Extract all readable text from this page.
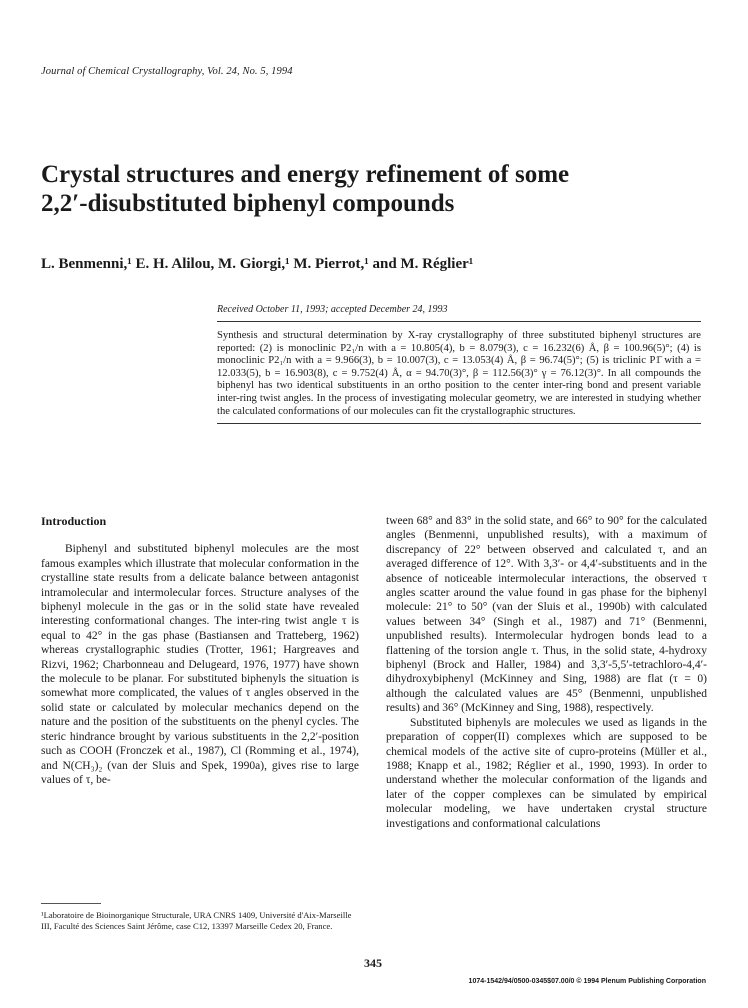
Journal of Chemical Crystallography, Vol. 24, No. 5, 1994
Crystal structures and energy refinement of some
2,2′-disubstituted biphenyl compounds
L. Benmenni,¹ E. H. Alilou, M. Giorgi,¹ M. Pierrot,¹ and M. Réglier¹
Received October 11, 1993; accepted December 24, 1993
Synthesis and structural determination by X-ray crystallography of three substituted biphenyl structures are reported: (2) is monoclinic P2₁/n with a = 10.805(4), b = 8.079(3), c = 16.232(6) Å, β = 100.96(5)°; (4) is monoclinic P2₁/n with a = 9.966(3), b = 10.007(3), c = 13.053(4) Å, β = 96.74(5)°; (5) is triclinic P1̄ with a = 12.033(5), b = 16.903(8), c = 9.752(4) Å, α = 94.70(3)°, β = 112.56(3)° γ = 76.12(3)°. In all compounds the biphenyl has two identical substituents in an ortho position to the center inter-ring bond and present variable inter-ring twist angles. In the process of investigating molecular geometry, we are interested in studying whether the calculated conformations of our molecules can fit the crystallographic structures.
Introduction

Biphenyl and substituted biphenyl molecules are the most famous examples which illustrate that molecular conformation in the crystalline state results from a delicate balance between antagonist intramolecular and intermolecular forces. Structure analyses of the biphenyl molecule in the gas or in the solid state have revealed interesting conformational changes. The inter-ring twist angle τ is equal to 42° in the gas phase (Bastiansen and Tratteberg, 1962) whereas crystallographic studies (Trotter, 1961; Hargreaves and Rizvi, 1962; Charbonneau and Delugeard, 1976, 1977) have shown the molecule to be planar. For substituted biphenyls the situation is somewhat more complicated, the values of τ angles observed in the solid state or calculated by molecular mechanics depend on the nature and the position of the substituents on the phenyl cycles. The steric hindrance brought by various substituents in the 2,2′-position such as COOH (Fronczek et al., 1987), Cl (Romming et al., 1974), and N(CH₃)₂ (van der Sluis and Spek, 1990a), gives rise to large values of τ, be-

tween 68° and 83° in the solid state, and 66° to 90° for the calculated angles (Benmenni, unpublished results), with a maximum of discrepancy of 22° between observed and calculated τ, and an averaged difference of 12°. With 3,3′- or 4,4′-substituents and in the absence of noticeable intermolecular interactions, the observed τ angles scatter around the value found in gas phase for the biphenyl molecule: 21° to 50° (van der Sluis et al., 1990b) with calculated values between 34° (Singh et al., 1987) and 71° (Benmenni, unpublished results). Intermolecular hydrogen bonds lead to a flattening of the torsion angle τ. Thus, in the solid state, 4-hydroxy biphenyl (Brock and Haller, 1984) and 3,3′-5,5′-tetrachloro-4,4′-dihydroxybiphenyl (McKinney and Sing, 1988) are flat (τ = 0) although the calculated values are 45° (Benmenni, unpublished results) and 36° (McKinney and Sing, 1988), respectively.

Substituted biphenyls are molecules we used as ligands in the preparation of copper(II) complexes which are supposed to be chemical models of the active site of cupro-proteins (Müller et al., 1988; Knapp et al., 1982; Réglier et al., 1990, 1993). In order to understand whether the molecular conformation of the ligands and later of the copper complexes can be simulated by empirical molecular modeling, we have undertaken crystal structure investigations and conformational calculations

¹Laboratoire de Bioinorganique Structurale, URA CNRS 1409, Université d'Aix-Marseille III, Faculté des Sciences Saint Jérôme, case C12, 13397 Marseille Cedex 20, France.
345
1074-1542/94/0500-0345$07.00/0 © 1994 Plenum Publishing Corporation
